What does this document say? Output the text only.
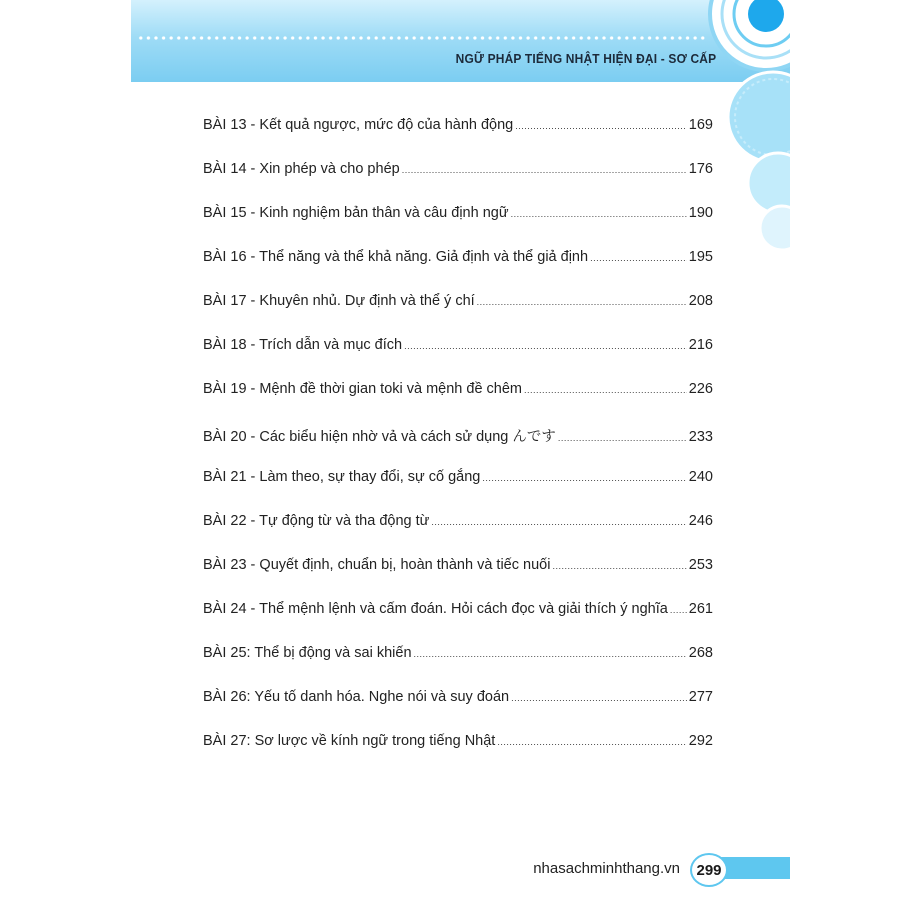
NGỮ PHÁP TIẾNG NHẬT HIỆN ĐẠI - SƠ CẤP
BÀI 13 - Kết quả ngược, mức độ của hành động .....	169
BÀI 14 - Xin phép và cho phép .....	176
BÀI 15 - Kinh nghiệm bản thân và câu định ngữ .....	190
BÀI 16 - Thể năng và thể khả năng. Giả định và thể giả định .....	195
BÀI 17 - Khuyên nhủ. Dự định và thể ý chí .....	208
BÀI 18 - Trích dẫn và mục đích .....	216
BÀI 19 - Mệnh đề thời gian toki và mệnh đề chêm .....	226
BÀI 20 - Các biểu hiện nhờ vả và cách sử dụng んです .....	233
BÀI 21 - Làm theo, sự thay đổi, sự cố gắng .....	240
BÀI 22 - Tự động từ và tha động từ .....	246
BÀI 23 - Quyết định, chuẩn bị, hoàn thành và tiếc nuối .....	253
BÀI 24 - Thể mệnh lệnh và cấm đoán. Hỏi cách đọc và giải thích ý nghĩa ..... 261
BÀI 25: Thể bị động và sai khiến .....	268
BÀI 26: Yếu tố danh hóa. Nghe nói và suy đoán .....	277
BÀI 27: Sơ lược về kính ngữ trong tiếng Nhật .....	292
nhasachminhthang.vn 299
